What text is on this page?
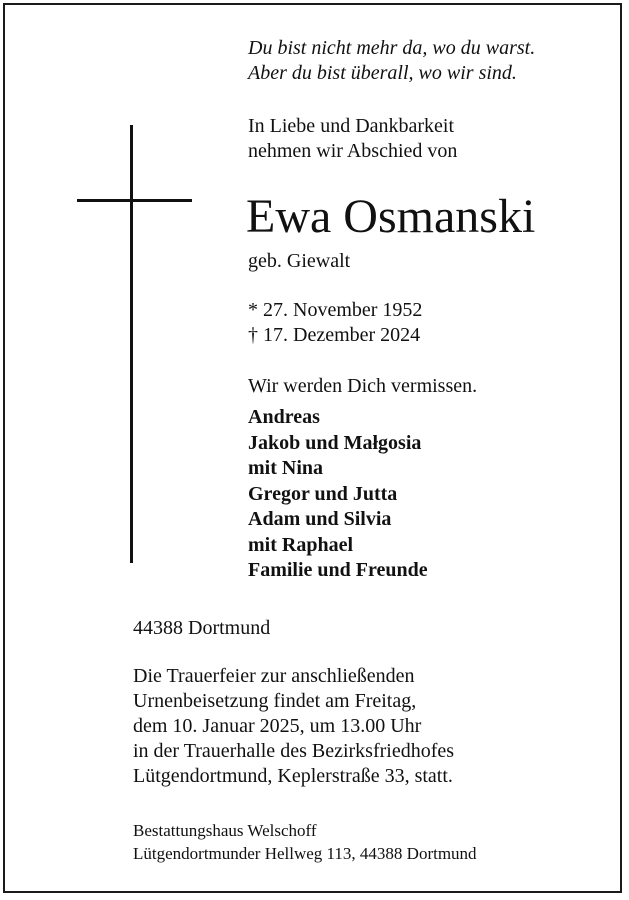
Du bist nicht mehr da, wo du warst.
Aber du bist überall, wo wir sind.
In Liebe und Dankbarkeit
nehmen wir Abschied von
Ewa Osmanski
geb. Giewalt
* 27. November 1952
† 17. Dezember 2024
Wir werden Dich vermissen.
Andreas
Jakob und Małgosia
mit Nina
Gregor und Jutta
Adam und Silvia
mit Raphael
Familie und Freunde
44388 Dortmund
Die Trauerfeier zur anschließenden
Urnenbeisetzung findet am Freitag,
dem 10. Januar 2025, um 13.00 Uhr
in der Trauerhalle des Bezirksfriedhofes
Lütgendortmund, Keplerstraße 33, statt.
Bestattungshaus Welschoff
Lütgendortmunder Hellweg 113, 44388 Dortmund
